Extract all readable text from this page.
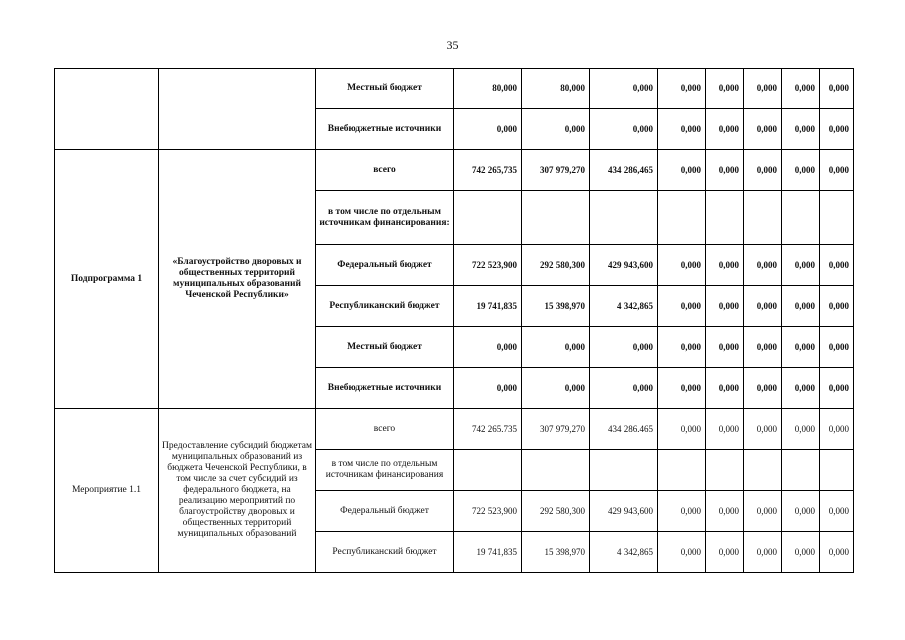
35
		Местный бюджет	80,000	80,000	0,000	0,000	0,000	0,000	0,000	0,000
		Внебюджетные источники	0,000	0,000	0,000	0,000	0,000	0,000	0,000	0,000
Подпрограмма 1	«Благоустройство дворовых и общественных территорий муниципальных образований Чеченской Республики»	всего	742 265,735	307 979,270	434 286,465	0,000	0,000	0,000	0,000	0,000
		в том числе по отдельным источникам финансирования:								
		Федеральный бюджет	722 523,900	292 580,300	429 943,600	0,000	0,000	0,000	0,000	0,000
		Республиканский бюджет	19 741,835	15 398,970	4 342,865	0,000	0,000	0,000	0,000	0,000
		Местный бюджет	0,000	0,000	0,000	0,000	0,000	0,000	0,000	0,000
		Внебюджетные источники	0,000	0,000	0,000	0,000	0,000	0,000	0,000	0,000
Мероприятие 1.1	Предоставление субсидий бюджетам муниципальных образований из бюджета Чеченской Республики, в том числе за счет субсидий из федерального бюджета, на реализацию мероприятий по благоустройству дворовых и общественных территорий муниципальных образований	всего	742 265.735	307 979,270	434 286.465	0,000	0,000	0,000	0,000	0,000
		в том числе по отдельным источникам финансирования								
		Федеральный бюджет	722 523,900	292 580,300	429 943,600	0,000	0,000	0,000	0,000	0,000
		Республиканский бюджет	19 741,835	15 398,970	4 342,865	0,000	0,000	0,000	0,000	0,000
